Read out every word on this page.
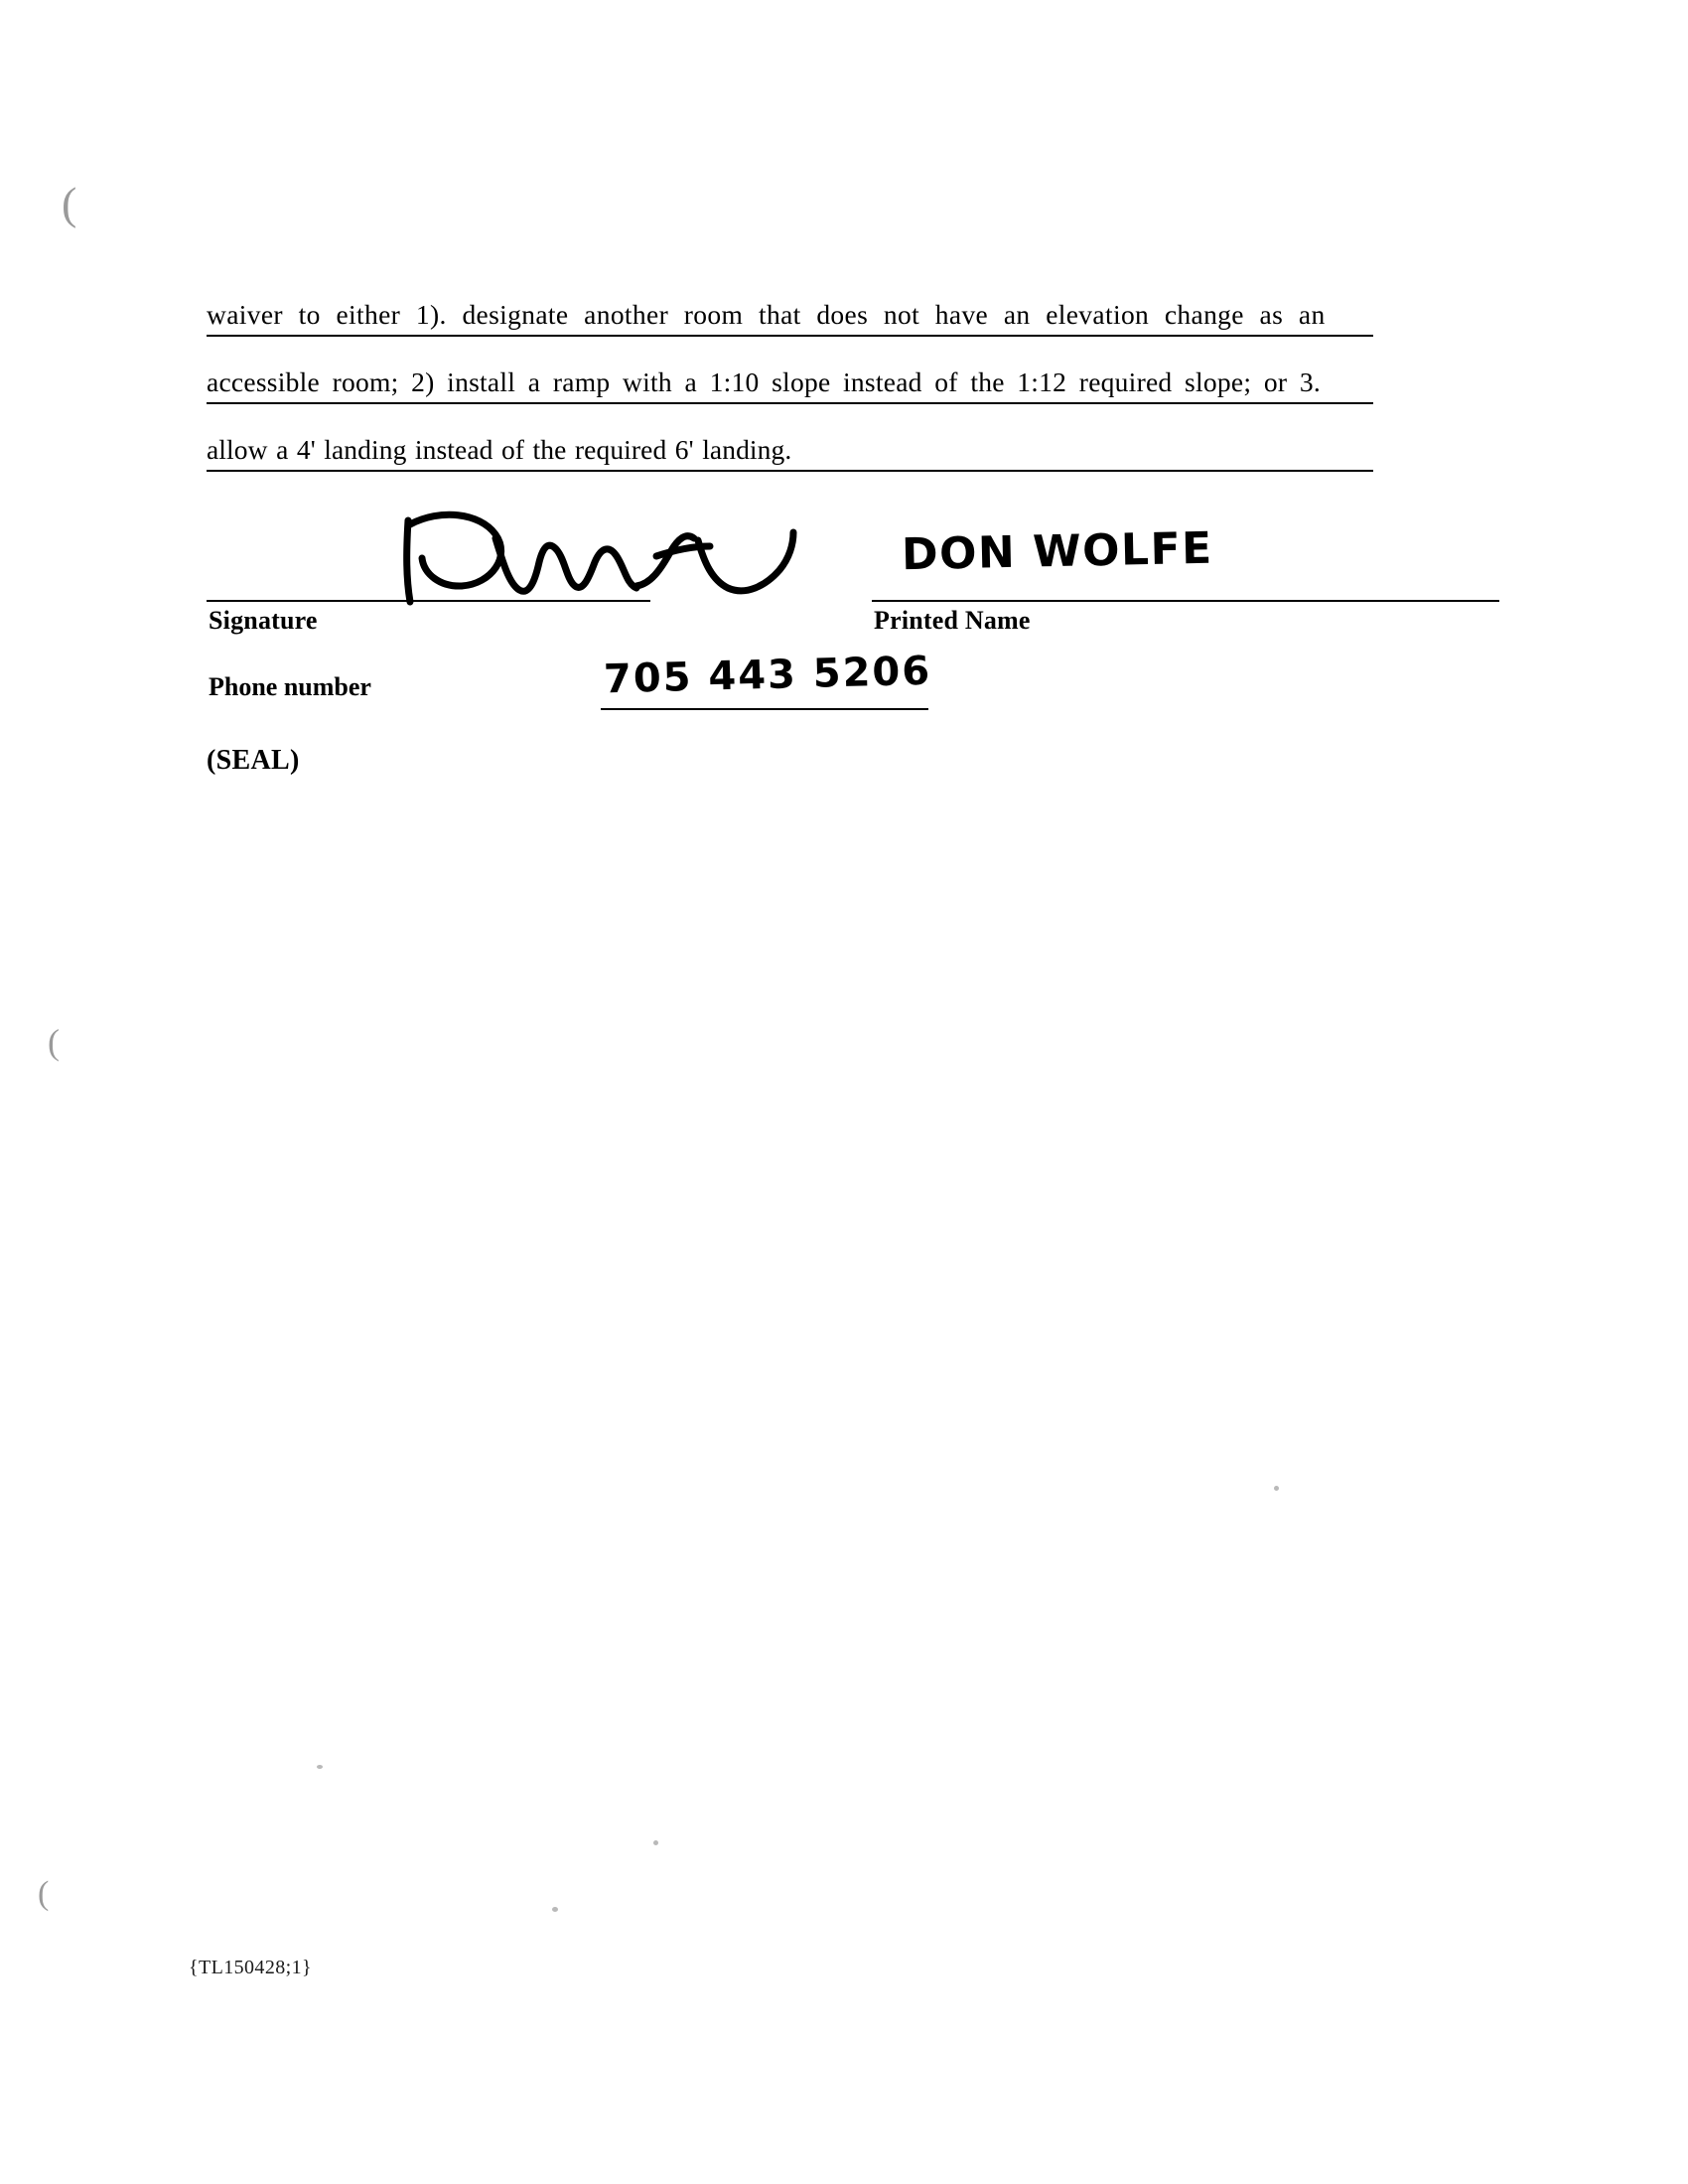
(
(
(
waiver to either 1). designate another room that does not have an elevation change as an
accessible room; 2) install a ramp with a 1:10 slope instead of the 1:12 required slope; or 3.
allow a 4' landing instead of the required 6' landing.
DON WOLFE
Signature	Printed Name
Phone number	705 443 5206
(SEAL)
{TL150428;1}
